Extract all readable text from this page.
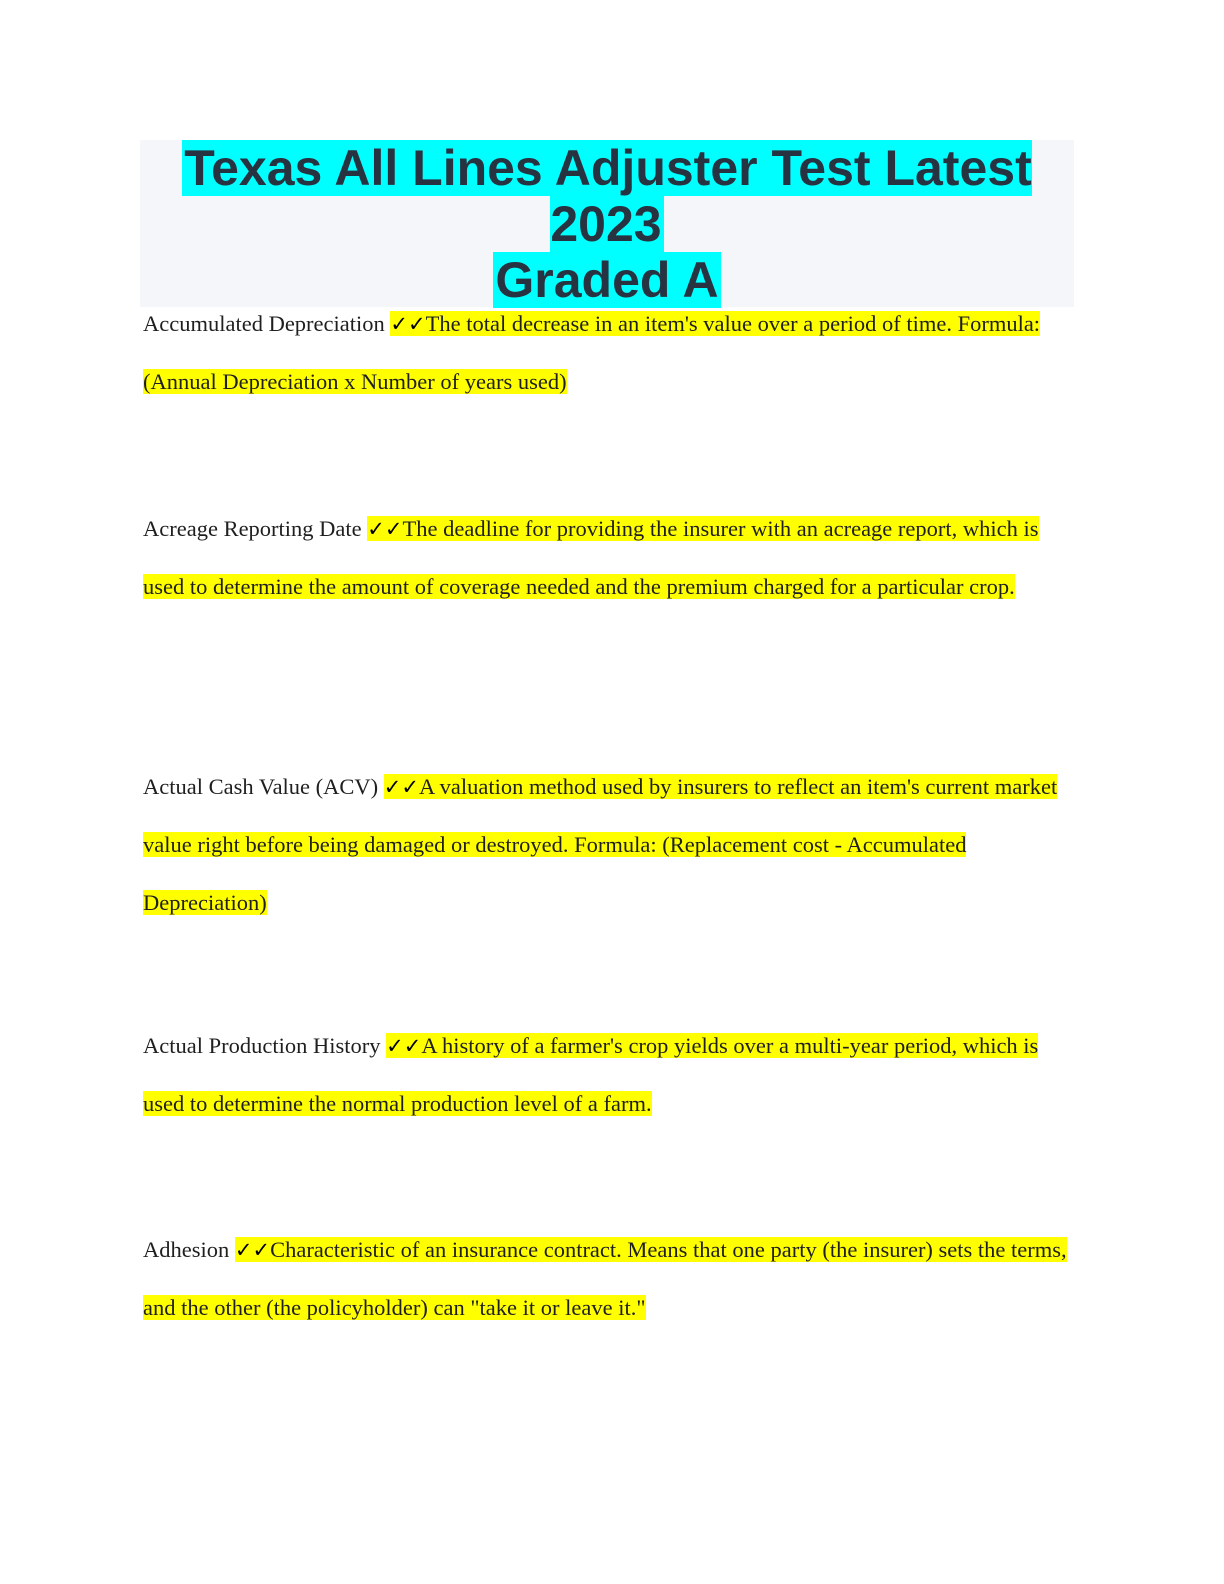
Texas All Lines Adjuster Test Latest 2023
Graded A

Accumulated Depreciation ✓✓The total decrease in an item's value over a period of time. Formula: (Annual Depreciation x Number of years used)

Acreage Reporting Date ✓✓The deadline for providing the insurer with an acreage report, which is used to determine the amount of coverage needed and the premium charged for a particular crop.

Actual Cash Value (ACV) ✓✓A valuation method used by insurers to reflect an item's current market value right before being damaged or destroyed. Formula: (Replacement cost - Accumulated Depreciation)

Actual Production History ✓✓A history of a farmer's crop yields over a multi-year period, which is used to determine the normal production level of a farm.

Adhesion ✓✓Characteristic of an insurance contract. Means that one party (the insurer) sets the terms, and the other (the policyholder) can "take it or leave it."
